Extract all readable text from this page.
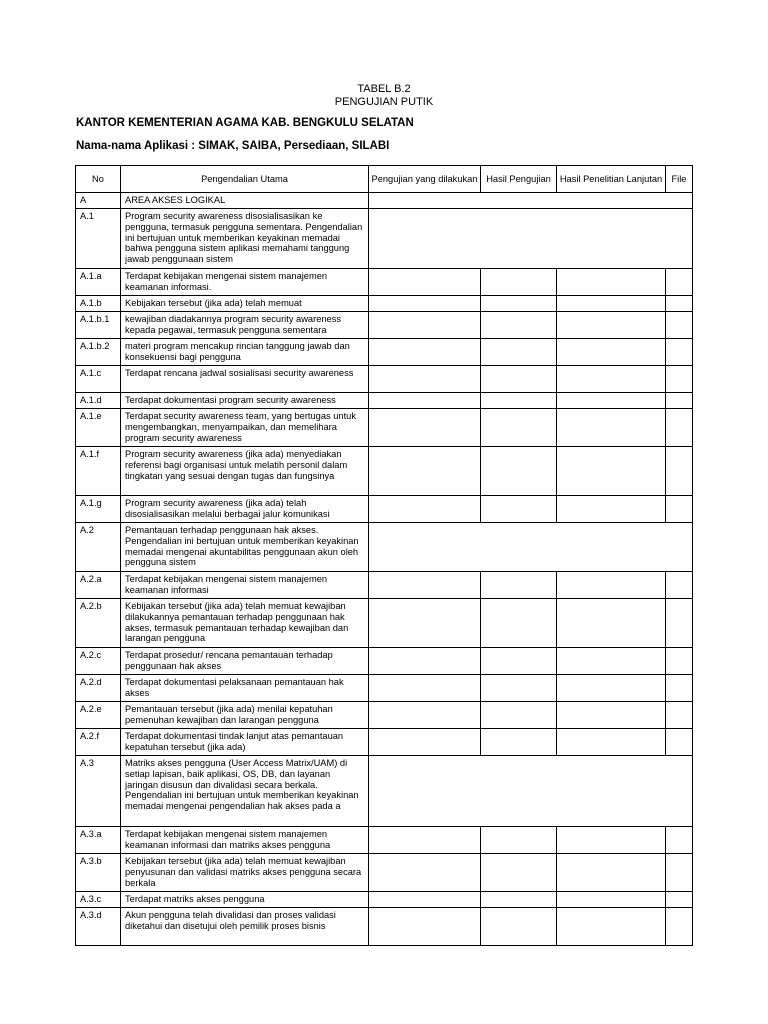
TABEL B.2
PENGUJIAN PUTIK
KANTOR KEMENTERIAN AGAMA KAB. BENGKULU SELATAN
Nama-nama Aplikasi : SIMAK, SAIBA, Persediaan, SILABI
No	Pengendalian Utama	Pengujian yang dilakukan	Hasil Pengujian	Hasil Penelitian Lanjutan	File
A	AREA AKSES LOGIKAL				
A.1	Program security awareness disosialisasikan ke pengguna, termasuk pengguna sementara. Pengendalian ini bertujuan untuk memberikan keyakinan memadai bahwa pengguna sistem aplikasi memahami tanggung jawab penggunaan sistem				
A.1.a	Terdapat kebijakan mengenai sistem manajemen keamanan informasi.				
A.1.b	Kebijakan tersebut (jika ada) telah memuat				
A.1.b.1	kewajiban diadakannya program security awareness kepada pegawai, termasuk pengguna sementara				
A.1.b.2	materi program mencakup rincian tanggung jawab dan konsekuensi bagi pengguna				
A.1.c	Terdapat rencana jadwal sosialisasi security awareness				
A.1.d	Terdapat dokumentasi program security awareness				
A.1.e	Terdapat security awareness team, yang bertugas untuk mengembangkan, menyampaikan, dan memelihara program security awareness				
A.1.f	Program security awareness (jika ada) menyediakan referensi bagi organisasi untuk melatih personil dalam tingkatan yang sesuai dengan tugas dan fungsinya				
A.1.g	Program security awareness (jika ada) telah disosialisasikan melalui berbagai jalur komunikasi				
A.2	Pemantauan terhadap penggunaan hak akses. Pengendalian ini bertujuan untuk memberikan keyakinan memadai mengenai akuntabilitas penggunaan akun oleh pengguna sistem				
A.2.a	Terdapat kebijakan mengenai sistem manajemen keamanan informasi				
A.2.b	Kebijakan tersebut (jika ada) telah memuat kewajiban dilakukannya pemantauan terhadap penggunaan hak akses, termasuk pemantauan terhadap kewajiban dan larangan pengguna				
A.2.c	Terdapat prosedur/ rencana pemantauan terhadap penggunaan hak akses				
A.2.d	Terdapat dokumentasi pelaksanaan pemantauan hak akses				
A.2.e	Pemantauan tersebut (jika ada) menilai kepatuhan pemenuhan kewajiban dan larangan pengguna				
A.2.f	Terdapat dokumentasi tindak lanjut atas pemantauan kepatuhan tersebut (jika ada)				
A.3	Matriks akses pengguna (User Access Matrix/UAM) di setiap lapisan, baik aplikasi, OS, DB, dan layanan jaringan disusun dan divalidasi secara berkala. Pengendalian ini bertujuan untuk memberikan keyakinan memadai mengenai pengendalian hak akses pada a				
A.3.a	Terdapat kebijakan mengenai sistem manajemen keamanan informasi dan matriks akses pengguna				
A.3.b	Kebijakan tersebut (jika ada) telah memuat kewajiban penyusunan dan validasi matriks akses pengguna secara berkala				
A.3.c	Terdapat matriks akses pengguna				
A.3.d	Akun pengguna telah divalidasi dan proses validasi diketahui dan disetujui oleh pemilik proses bisnis				
